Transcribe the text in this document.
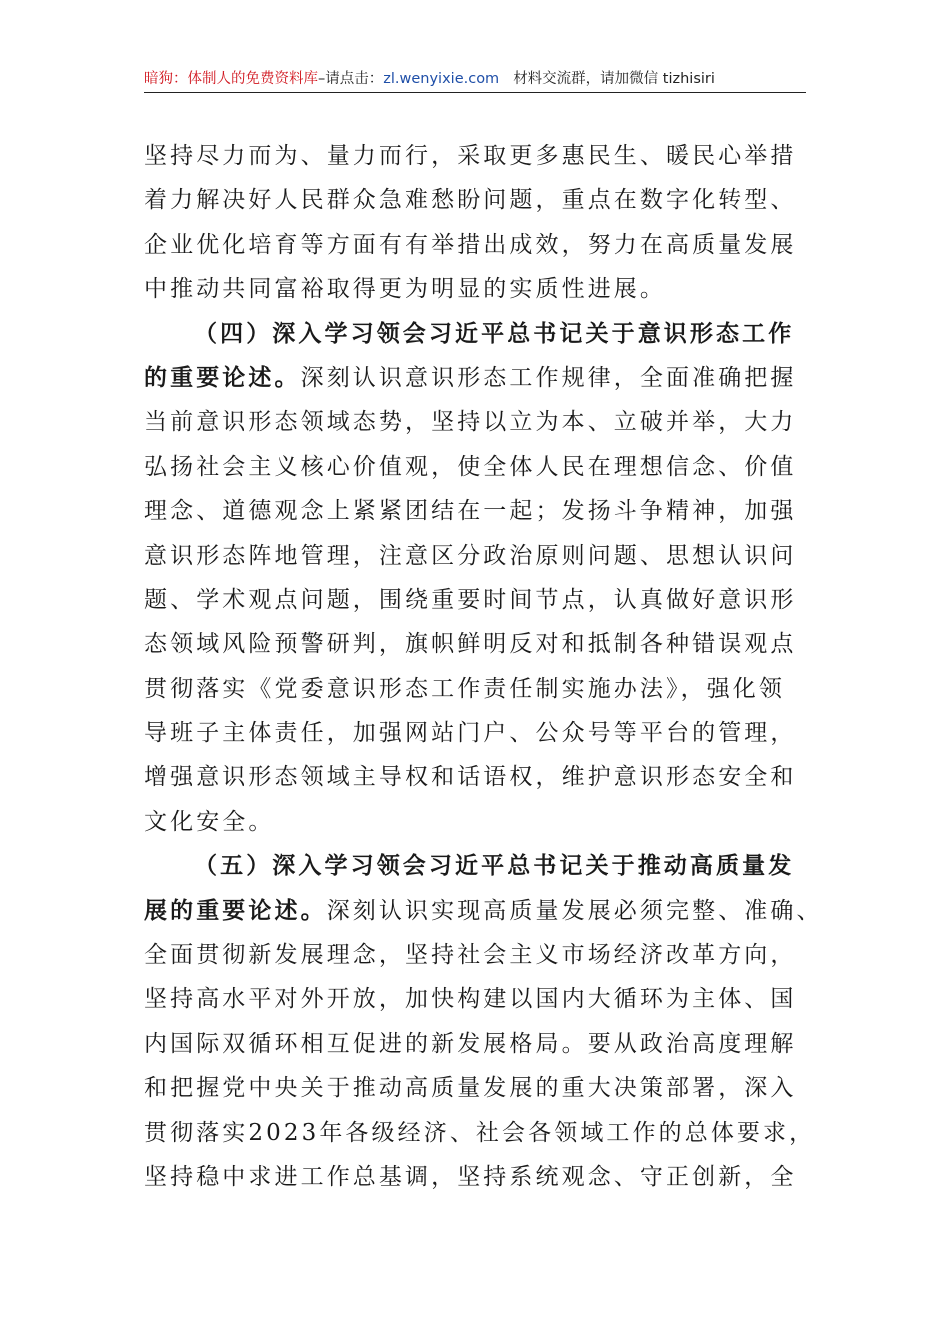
暗狗：体制人的免费资料库–请点击：zl.wenyixie.com 材料交流群，请加微信 tizhisiri
坚持尽力而为、量力而行，采取更多惠民生、暖民心举措
着力解决好人民群众急难愁盼问题，重点在数字化转型、
企业优化培育等方面有有举措出成效，努力在高质量发展
中推动共同富裕取得更为明显的实质性进展。
（四）深入学习领会习近平总书记关于意识形态工作
的重要论述。深刻认识意识形态工作规律，全面准确把握
当前意识形态领域态势，坚持以立为本、立破并举，大力
弘扬社会主义核心价值观，使全体人民在理想信念、价值
理念、道德观念上紧紧团结在一起；发扬斗争精神，加强
意识形态阵地管理，注意区分政治原则问题、思想认识问
题、学术观点问题，围绕重要时间节点，认真做好意识形
态领域风险预警研判，旗帜鲜明反对和抵制各种错误观点
贯彻落实《党委意识形态工作责任制实施办法》，强化领
导班子主体责任，加强网站门户、公众号等平台的管理，
增强意识形态领域主导权和话语权，维护意识形态安全和
文化安全。
（五）深入学习领会习近平总书记关于推动高质量发
展的重要论述。深刻认识实现高质量发展必须完整、准确、
全面贯彻新发展理念，坚持社会主义市场经济改革方向，
坚持高水平对外开放，加快构建以国内大循环为主体、国
内国际双循环相互促进的新发展格局。要从政治高度理解
和把握党中央关于推动高质量发展的重大决策部署，深入
贯彻落实2023年各级经济、社会各领域工作的总体要求，
坚持稳中求进工作总基调，坚持系统观念、守正创新，全
